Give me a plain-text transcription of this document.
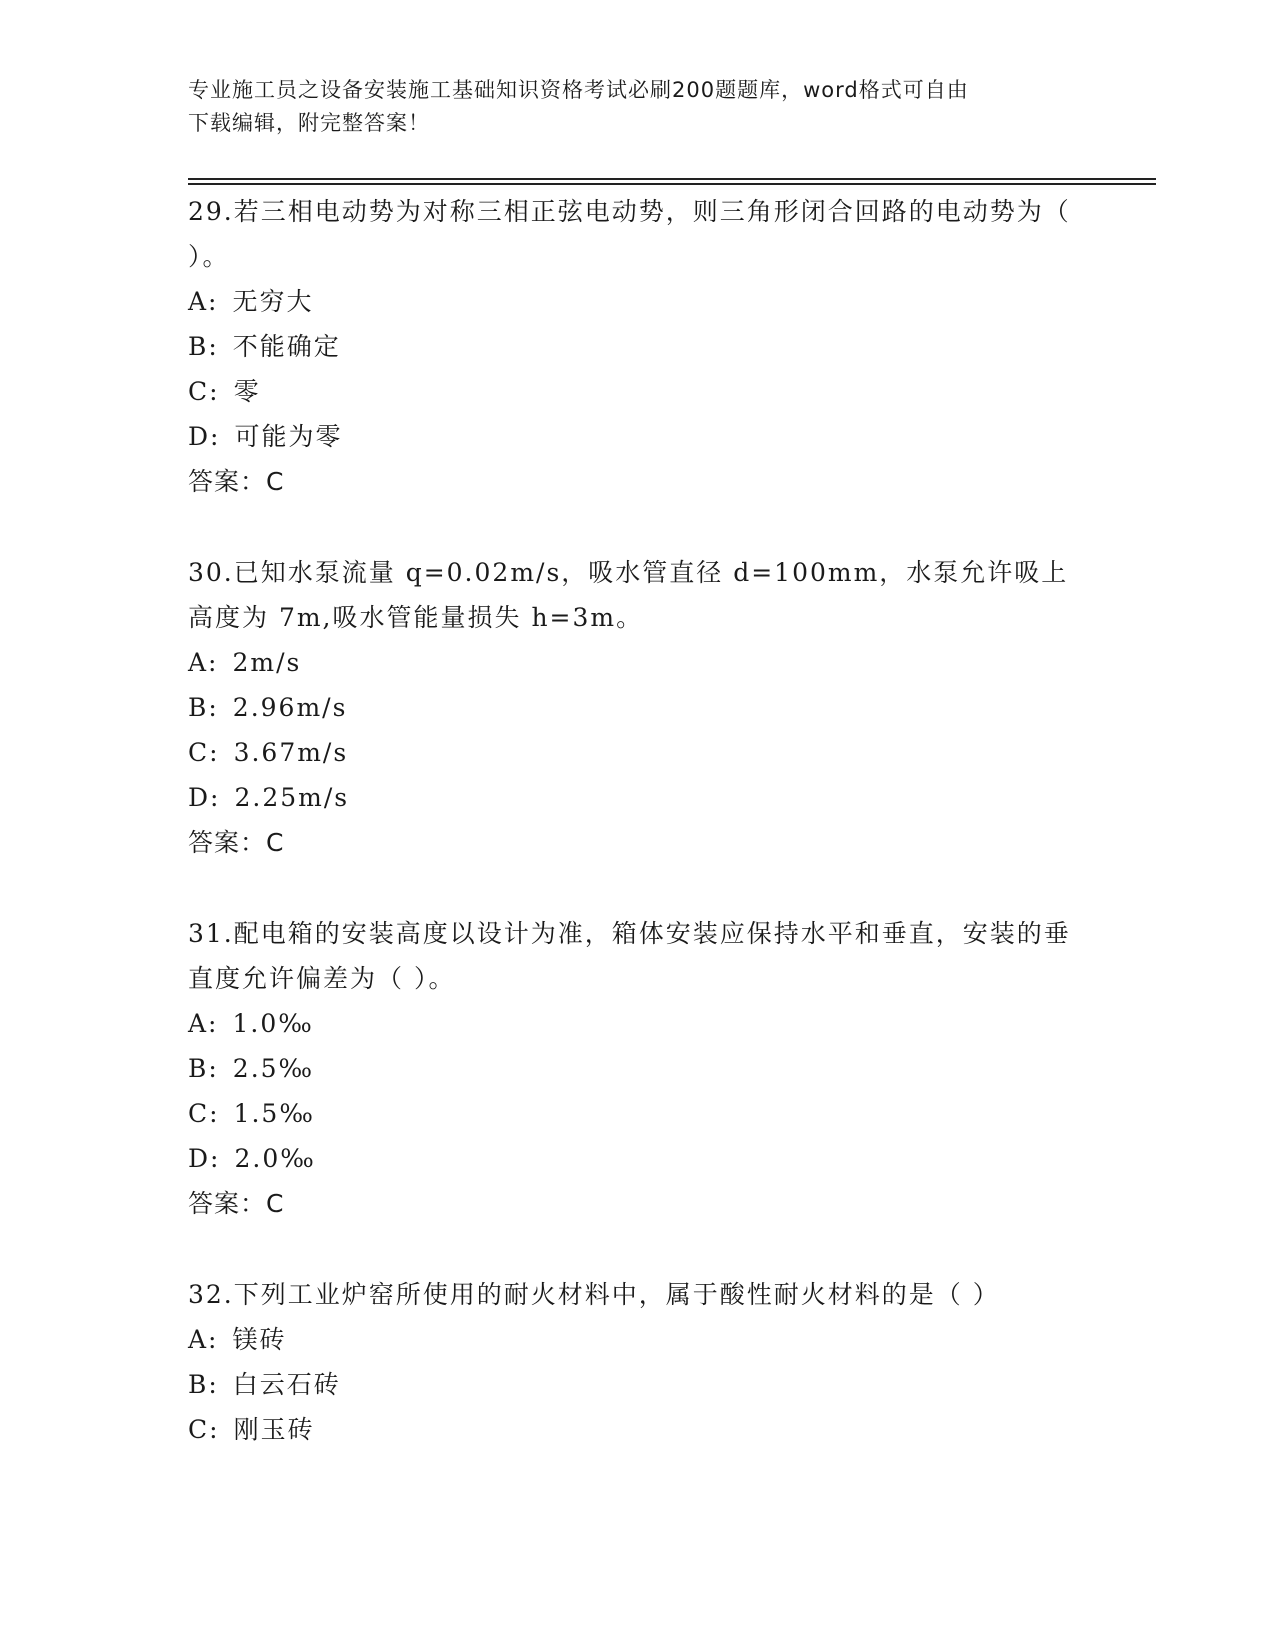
专业施工员之设备安装施工基础知识资格考试必刷200题题库，word格式可自由
下载编辑，附完整答案！
29.若三相电动势为对称三相正弦电动势，则三角形闭合回路的电动势为（ ）。
A: 无穷大
B: 不能确定
C: 零
D: 可能为零
答案：C
30.已知水泵流量 q=0.02m/s，吸水管直径 d=100mm，水泵允许吸上高度为 7m,吸水管能量损失 h=3m。
A: 2m/s
B: 2.96m/s
C: 3.67m/s
D: 2.25m/s
答案：C
31.配电箱的安装高度以设计为准，箱体安装应保持水平和垂直，安装的垂直度允许偏差为（ ）。
A: 1.0‰
B: 2.5‰
C: 1.5‰
D: 2.0‰
答案：C
32.下列工业炉窑所使用的耐火材料中，属于酸性耐火材料的是（ ）
A: 镁砖
B: 白云石砖
C: 刚玉砖
